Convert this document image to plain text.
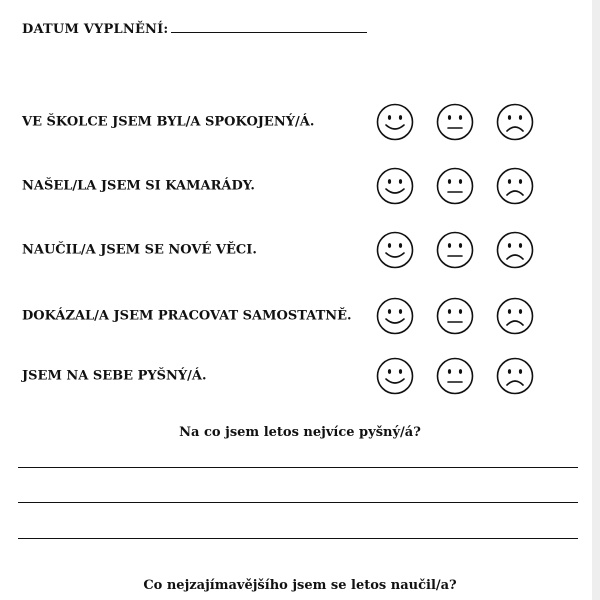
DATUM VYPLNĚNÍ:
VE ŠKOLCE JSEM BYL/A SPOKOJENÝ/Á.
NAŠEL/LA JSEM SI KAMARÁDY.
NAUČIL/A JSEM SE NOVÉ VĚCI.
DOKÁZAL/A JSEM PRACOVAT SAMOSTATNĚ.
JSEM NA SEBE PYŠNÝ/Á.
Na co jsem letos nejvíce pyšný/á?
Co nejzajímavějšího jsem se letos naučil/a?
